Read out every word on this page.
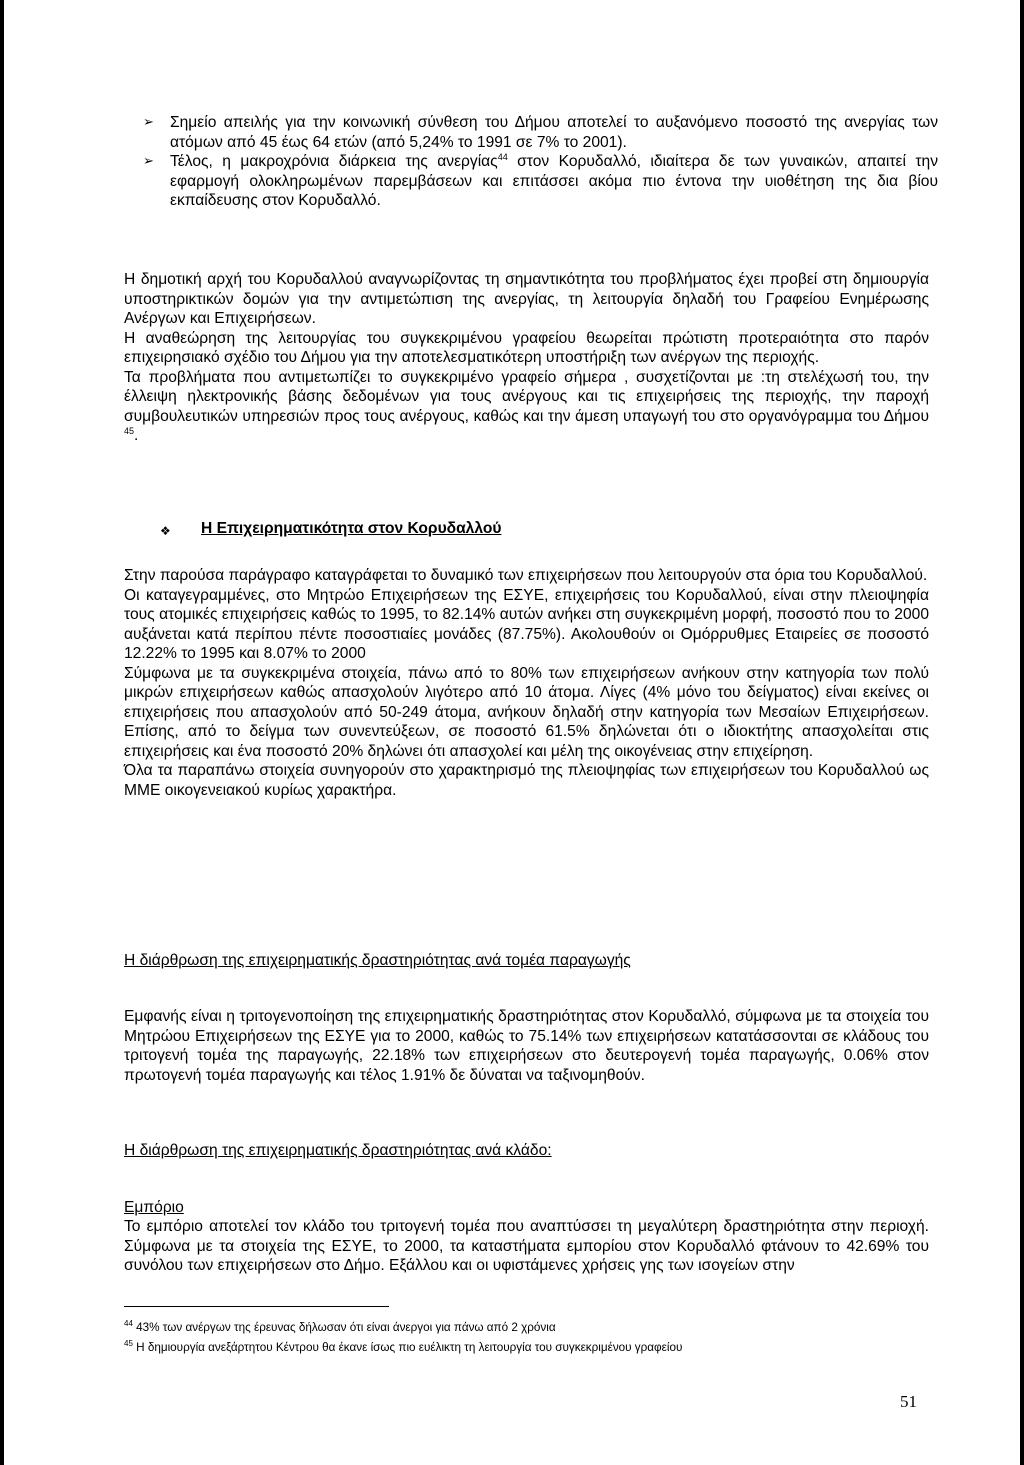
➢ Σημείο απειλής για την κοινωνική σύνθεση του Δήμου αποτελεί το αυξανόμενο ποσοστό της ανεργίας των ατόμων από 45 έως 64 ετών (από 5,24% το 1991 σε 7% το 2001).
➢ Τέλος, η μακροχρόνια διάρκεια της ανεργίας$^{44}$ στον Κορυδαλλό, ιδιαίτερα δε των γυναικών, απαιτεί την εφαρμογή ολοκληρωμένων παρεμβάσεων και επιτάσσει ακόμα πιο έντονα την υιοθέτηση της δια βίου εκπαίδευσης στον Κορυδαλλό.

Η δημοτική αρχή του Κορυδαλλού αναγνωρίζοντας τη σημαντικότητα του προβλήματος έχει προβεί στη δημιουργία υποστηρικτικών δομών για την αντιμετώπιση της ανεργίας, τη λειτουργία δηλαδή του Γραφείου Ενημέρωσης Ανέργων και Επιχειρήσεων.

Η αναθεώρηση της λειτουργίας του συγκεκριμένου γραφείου θεωρείται πρώτιστη προτεραιότητα στο παρόν επιχειρησιακό σχέδιο του Δήμου για την αποτελεσματικότερη υποστήριξη των ανέργων της περιοχής.

Τα προβλήματα που αντιμετωπίζει το συγκεκριμένο γραφείο σήμερα , συσχετίζονται με :τη στελέχωσή του, την έλλειψη ηλεκτρονικής βάσης δεδομένων για τους ανέργους και τις επιχειρήσεις της περιοχής, την παροχή συμβουλευτικών υπηρεσιών προς τους ανέργους, καθώς και την άμεση υπαγωγή του στο οργανόγραμμα του Δήμου $^{45}$.

❖ Η Επιχειρηματικότητα στον Κορυδαλλού

Στην παρούσα παράγραφο καταγράφεται το δυναμικό των επιχειρήσεων που λειτουργούν στα όρια του Κορυδαλλού.

Οι καταγεγραμμένες, στο Μητρώο Επιχειρήσεων της ΕΣΥΕ, επιχειρήσεις του Κορυδαλλού, είναι στην πλειοψηφία τους ατομικές επιχειρήσεις καθώς το 1995, το 82.14% αυτών ανήκει στη συγκεκριμένη μορφή, ποσοστό που το 2000 αυξάνεται κατά περίπου πέντε ποσοστιαίες μονάδες (87.75%). Ακολουθούν οι Ομόρρυθμες Εταιρείες σε ποσοστό 12.22% το 1995 και 8.07% το 2000

Σύμφωνα με τα συγκεκριμένα στοιχεία, πάνω από το 80% των επιχειρήσεων ανήκουν στην κατηγορία των πολύ μικρών επιχειρήσεων καθώς απασχολούν λιγότερο από 10 άτομα. Λίγες (4% μόνο του δείγματος) είναι εκείνες οι επιχειρήσεις που απασχολούν από 50-249 άτομα, ανήκουν δηλαδή στην κατηγορία των Μεσαίων Επιχειρήσεων. Επίσης, από το δείγμα των συνεντεύξεων, σε ποσοστό 61.5% δηλώνεται ότι ο ιδιοκτήτης απασχολείται στις επιχειρήσεις και ένα ποσοστό 20% δηλώνει ότι απασχολεί και μέλη της οικογένειας στην επιχείρηση.

Όλα τα παραπάνω στοιχεία συνηγορούν στο χαρακτηρισμό της πλειοψηφίας των επιχειρήσεων του Κορυδαλλού ως ΜΜΕ οικογενειακού κυρίως χαρακτήρα.

Η διάρθρωση της επιχειρηματικής δραστηριότητας ανά τομέα παραγωγής

Εμφανής είναι η τριτογενοποίηση της επιχειρηματικής δραστηριότητας στον Κορυδαλλό, σύμφωνα με τα στοιχεία του Μητρώου Επιχειρήσεων της ΕΣΥΕ για το 2000, καθώς το 75.14% των επιχειρήσεων κατατάσσονται σε κλάδους του τριτογενή τομέα της παραγωγής, 22.18% των επιχειρήσεων στο δευτερογενή τομέα παραγωγής, 0.06% στον πρωτογενή τομέα παραγωγής και τέλος 1.91% δε δύναται να ταξινομηθούν.

Η διάρθρωση της επιχειρηματικής δραστηριότητας ανά κλάδο:
Εμπόριο

Το εμπόριο αποτελεί τον κλάδο του τριτογενή τομέα που αναπτύσσει τη μεγαλύτερη δραστηριότητα στην περιοχή. Σύμφωνα με τα στοιχεία της ΕΣΥΕ, το 2000, τα καταστήματα εμπορίου στον Κορυδαλλό φτάνουν το 42.69% του συνόλου των επιχειρήσεων στο Δήμο. Εξάλλου και οι υφιστάμενες χρήσεις γης των ισογείων στην

$^{44}$ 43% των ανέργων της έρευνας δήλωσαν ότι είναι άνεργοι για πάνω από 2 χρόνια

$^{45}$ Η δημιουργία ανεξάρτητου Κέντρου θα έκανε ίσως πιο ευέλικτη τη λειτουργία του συγκεκριμένου γραφείου

51
